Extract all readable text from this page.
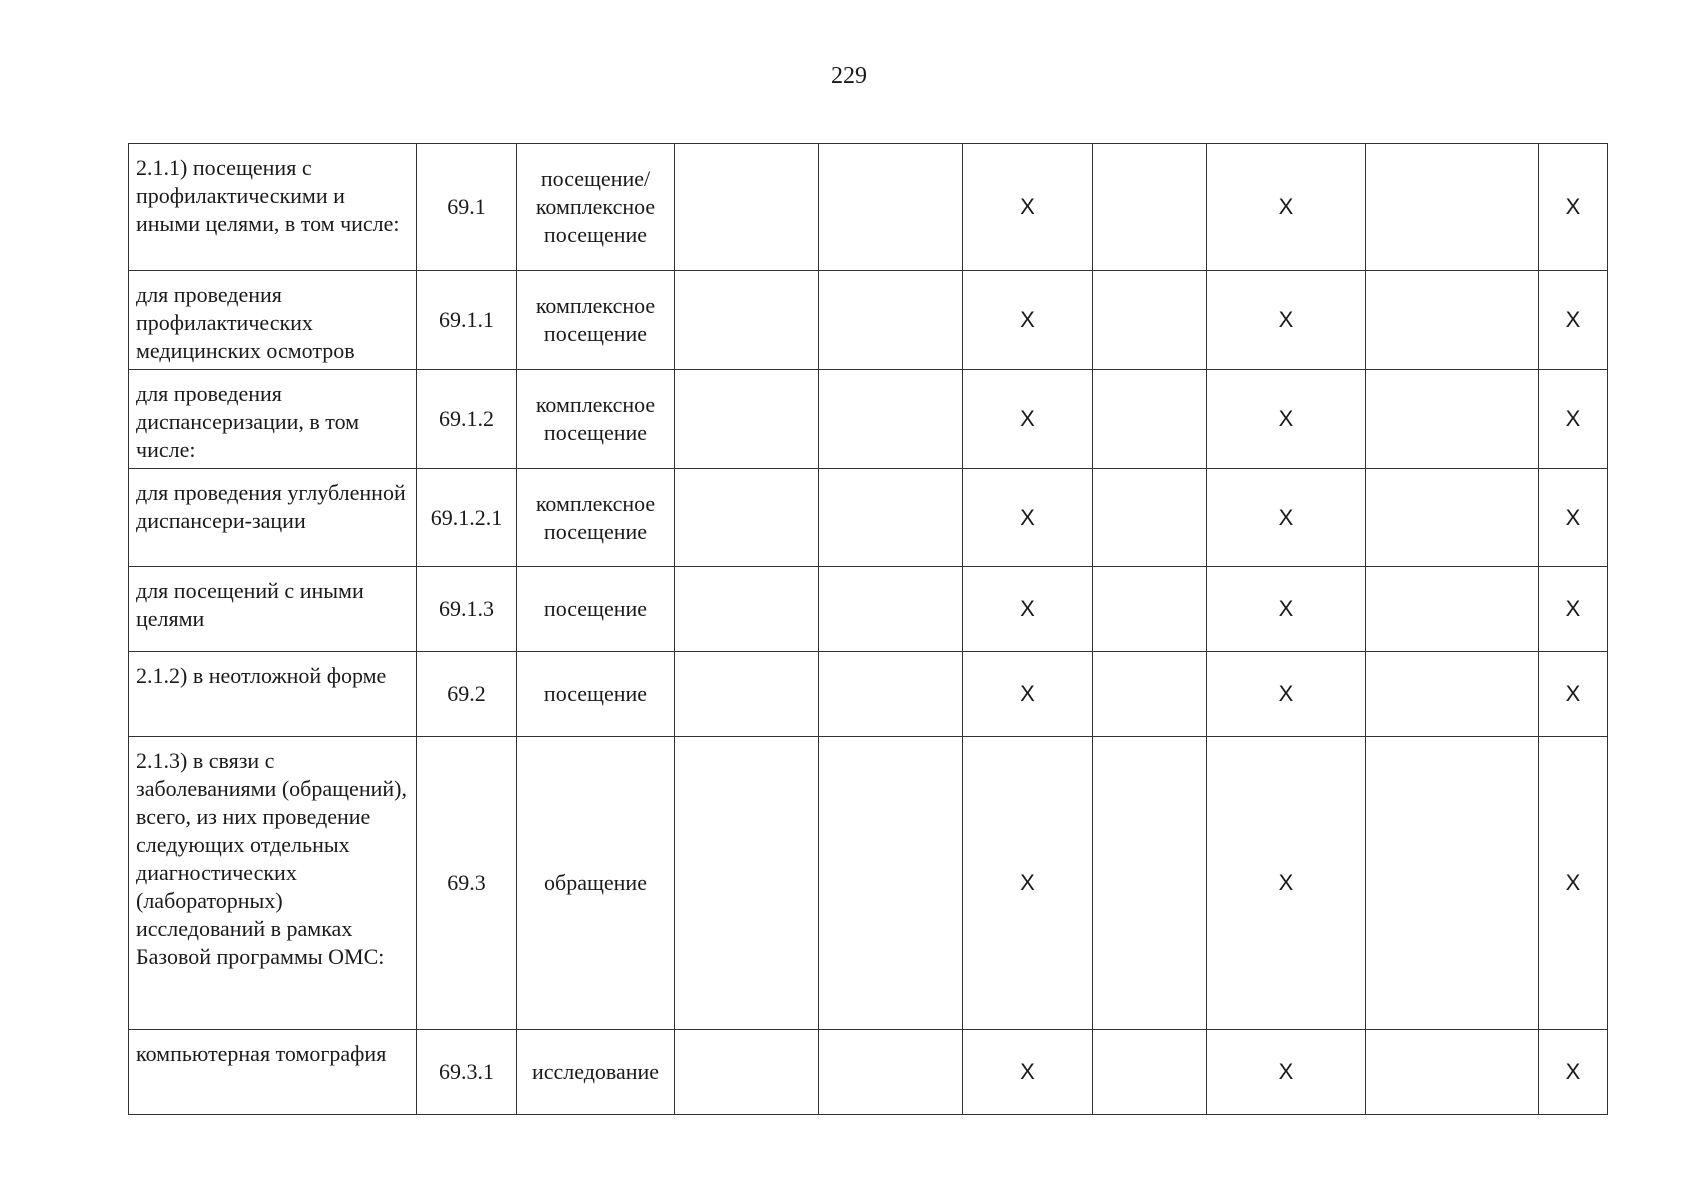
229
2.1.1) посещения с профилактическими и иными целями, в том числе:	69.1	посещение/ комплексное посещение			X		X		X
для проведения профилактических медицинских осмотров	69.1.1	комплексное посещение			X		X		X
для проведения диспансеризации, в том числе:	69.1.2	комплексное посещение			X		X		X
для проведения углубленной диспансери-зации	69.1.2.1	комплексное посещение			X		X		X
для посещений с иными целями	69.1.3	посещение			X		X		X
2.1.2) в неотложной форме	69.2	посещение			X		X		X
2.1.3) в связи с заболеваниями (обращений), всего, из них проведение следующих отдельных диагностических (лабораторных) исследований в рамках Базовой программы ОМС:	69.3	обращение			X		X		X
компьютерная томография	69.3.1	исследование			X		X		X
